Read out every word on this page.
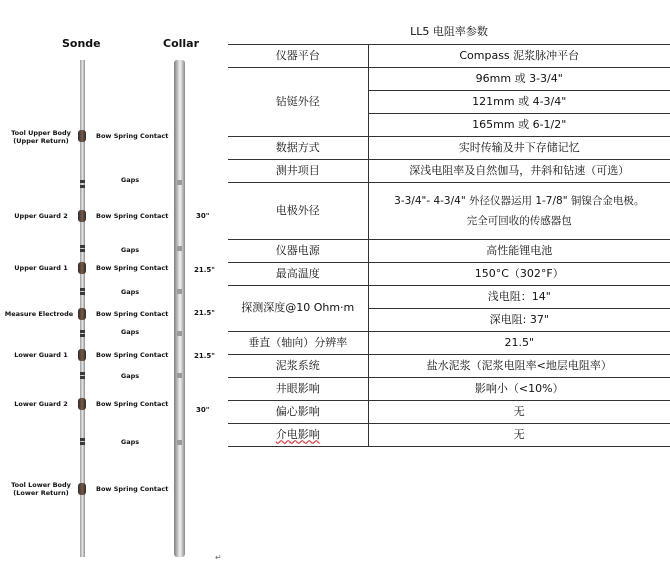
Sonde	Collar
Tool Upper Body
(Upper Return)
Upper Guard 2
Upper Guard 1
Measure Electrode
Lower Guard 1
Lower Guard 2
Tool Lower Body
(Lower Return)
Bow Spring Contact
Bow Spring Contact
Bow Spring Contact
Bow Spring Contact
Bow Spring Contact
Bow Spring Contact
Bow Spring Contact
Gaps
Gaps
Gaps
Gaps
Gaps
Gaps
30"
21.5"
21.5"
21.5"
30"
↵
LL5 电阻率参数	
仪器平台	Compass 泥浆脉冲平台
钻铤外径	96mm 或 3-3/4"
	121mm 或 4-3/4"
	165mm 或 6-1/2"
数据方式	实时传输及井下存储记忆
测井项目	深浅电阻率及自然伽马，井斜和钻速（可选）
电极外径	3-3/4"- 4-3/4" 外径仪器运用 1-7/8" 铜镍合金电极。
完全可回收的传感器包

仪器电源	高性能锂电池
最高温度	150°C（302°F）
探测深度@10 Ohm·m	浅电阻：14"
	深电阻: 37"
垂直（轴向）分辨率	21.5"
泥浆系统	盐水泥浆（泥浆电阻率<地层电阻率）
井眼影响	影响小（<10%）
偏心影响	无
介电影响	无
